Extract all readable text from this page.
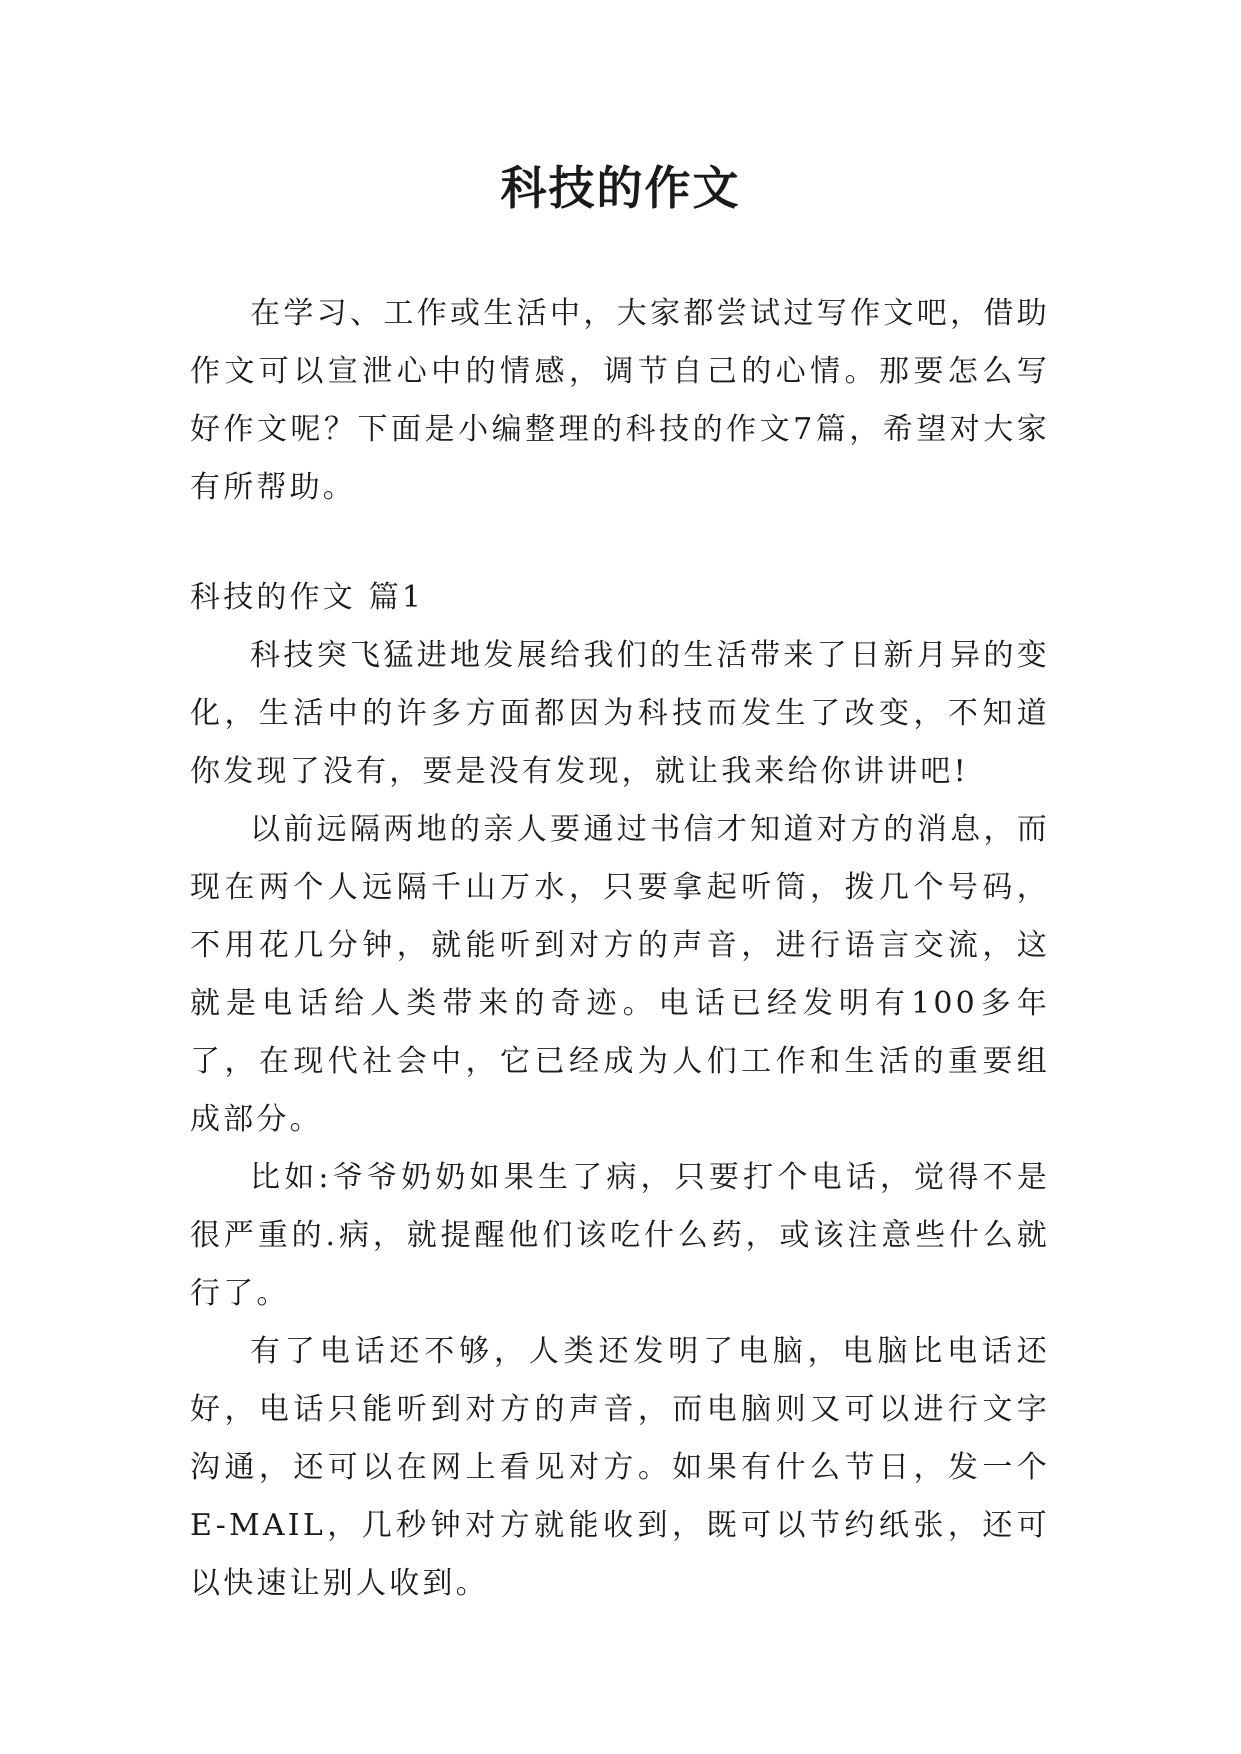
科技的作文

在学习、工作或生活中，大家都尝试过写作文吧，借助作文可以宣泄心中的情感，调节自己的心情。那要怎么写好作文呢？下面是小编整理的科技的作文7篇，希望对大家有所帮助。

科技的作文 篇1

科技突飞猛进地发展给我们的生活带来了日新月异的变化，生活中的许多方面都因为科技而发生了改变，不知道你发现了没有，要是没有发现，就让我来给你讲讲吧!

以前远隔两地的亲人要通过书信才知道对方的消息，而现在两个人远隔千山万水，只要拿起听筒，拨几个号码，不用花几分钟，就能听到对方的声音，进行语言交流，这就是电话给人类带来的奇迹。电话已经发明有100多年了，在现代社会中，它已经成为人们工作和生活的重要组成部分。

比如:爷爷奶奶如果生了病，只要打个电话，觉得不是很严重的.病，就提醒他们该吃什么药，或该注意些什么就行了。

有了电话还不够，人类还发明了电脑，电脑比电话还好，电话只能听到对方的声音，而电脑则又可以进行文字沟通，还可以在网上看见对方。如果有什么节日，发一个E-MAIL，几秒钟对方就能收到，既可以节约纸张，还可以快速让别人收到。
